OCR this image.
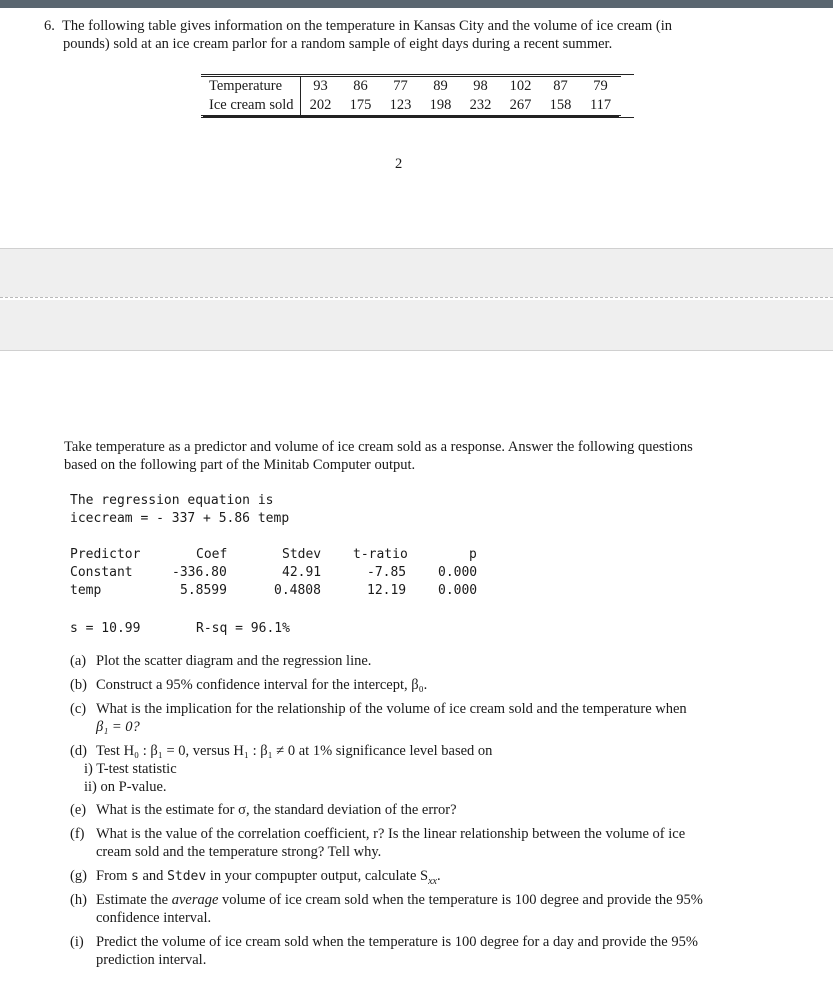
6. The following table gives information on the temperature in Kansas City and the volume of ice cream (in
pounds) sold at an ice cream parlor for a random sample of eight days during a recent summer.
Temperature	93	86	77	89	98	102	87	79
Ice cream sold	202	175	123	198	232	267	158	117
2
Take temperature as a predictor and volume of ice cream sold as a response. Answer the following questions
based on the following part of the Minitab Computer output.
The regression equation is
icecream = - 337 + 5.86 temp
Predictor	Coef	Stdev t-ratio	p
Constant	-336.80	42.91	-7.85 0.000
temp	5.8599	0.4808	12.19 0.000
s = 10.99	R-sq = 96.1%
(a) Plot the scatter diagram and the regression line.
(b) Construct a 95% confidence interval for the intercept, β₀.
(c) What is the implication for the relationship of the volume of ice cream sold and the temperature when
β₁ = 0?
(d) Test H₀ : β₁ = 0, versus H₁ : β₁ ≠ 0 at 1% significance level based on
i) T-test statistic
ii) on P-value.
(e) What is the estimate for σ, the standard deviation of the error?
(f) What is the value of the correlation coefficient, r? Is the linear relationship between the volume of ice
cream sold and the temperature strong? Tell why.
(g) From s and Stdev in your compupter output, calculate $S_{xx}$.
(h) Estimate the average volume of ice cream sold when the temperature is 100 degree and provide the 95%
confidence interval.
(i) Predict the volume of ice cream sold when the temperature is 100 degree for a day and provide the 95%
prediction interval.
